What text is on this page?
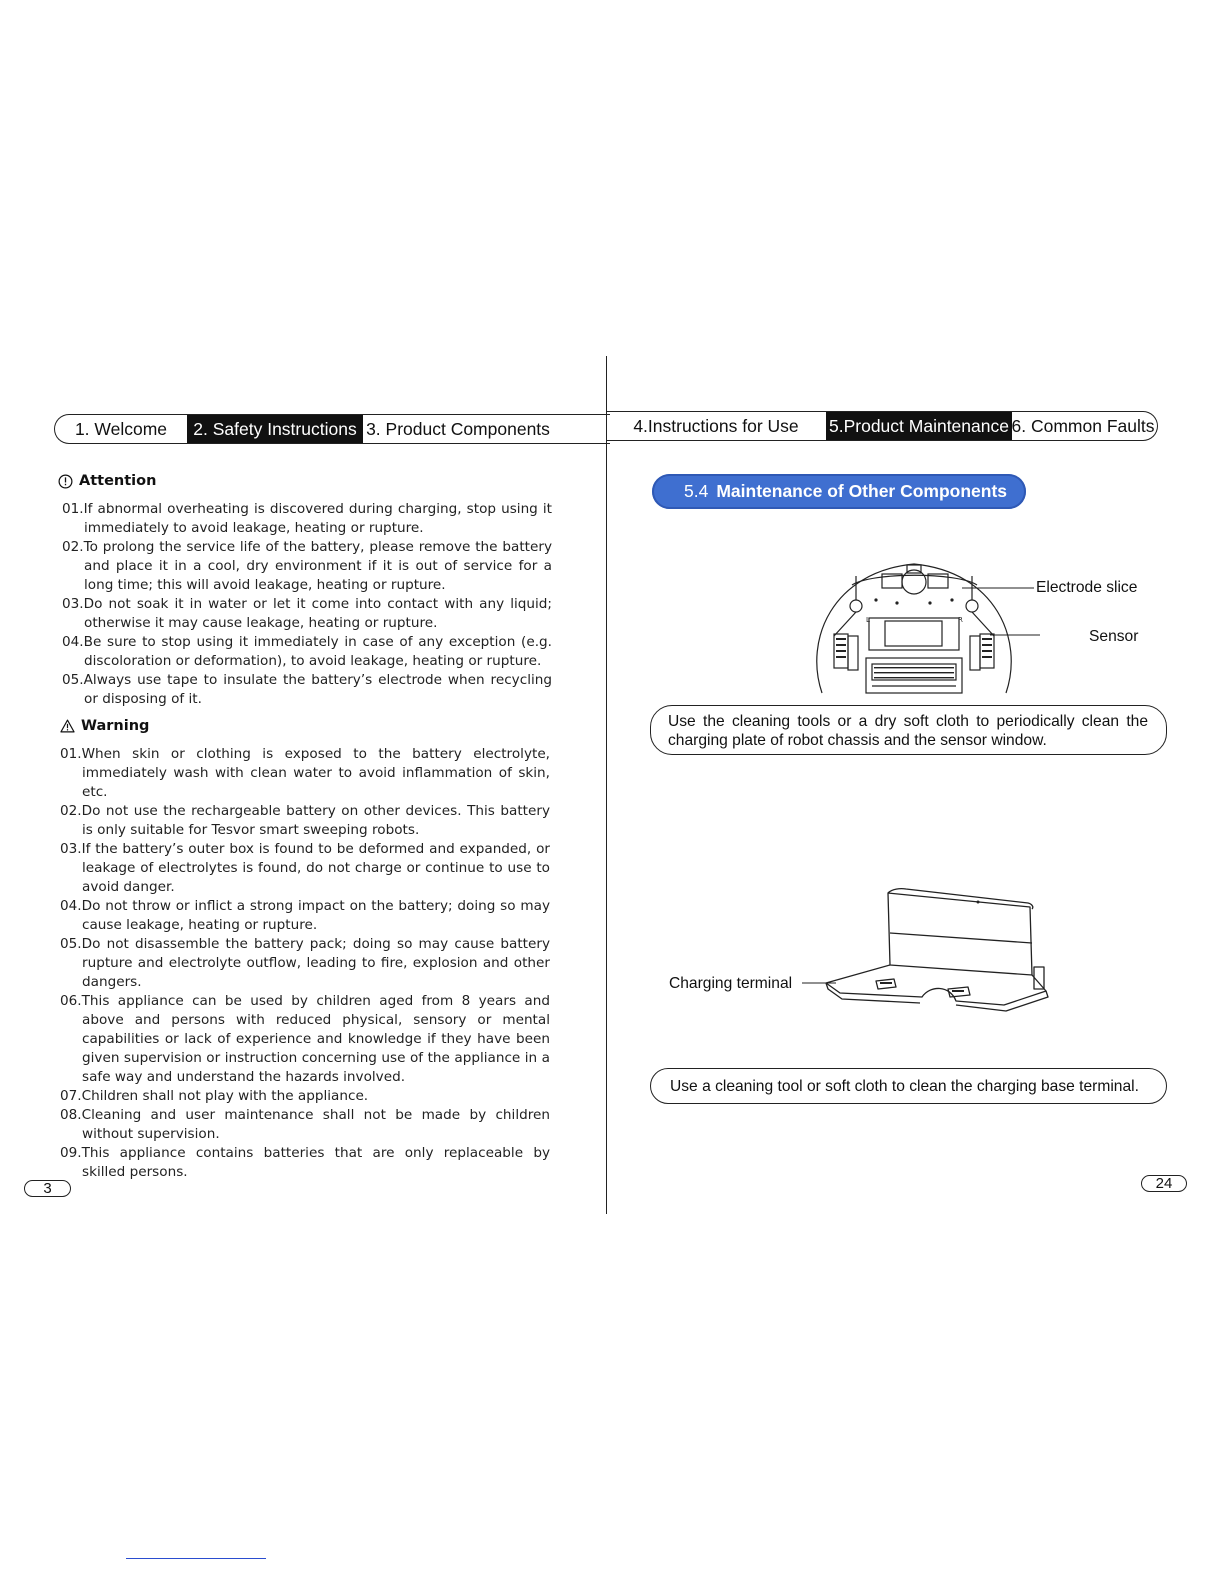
1. Welcome	2. Safety Instructions 3. Product Components	4.Instructions for Use	5.Product Maintenance 6. Common Faults
Attention
01.If abnormal overheating is discovered during charging, stop using it immediately to avoid leakage, heating or rupture.
02.To prolong the service life of the battery, please remove the battery and place it in a cool, dry environment if it is out of service for a long time; this will avoid leakage, heating or rupture.
03.Do not soak it in water or let it come into contact with any liquid; otherwise it may cause leakage, heating or rupture.
04.Be sure to stop using it immediately in case of any exception (e.g. discoloration or deformation), to avoid leakage, heating or rupture.
05.Always use tape to insulate the battery’s electrode when recycling or disposing of it.
Warning
01.When skin or clothing is exposed to the battery electrolyte, immediately wash with clean water to avoid inflammation of skin, etc.
02.Do not use the rechargeable battery on other devices. This battery is only suitable for Tesvor smart sweeping robots.
03.If the battery’s outer box is found to be deformed and expanded, or leakage of electrolytes is found, do not charge or continue to use to avoid danger.
04.Do not throw or inflict a strong impact on the battery; doing so may cause leakage, heating or rupture.
05.Do not disassemble the battery pack; doing so may cause battery rupture and electrolyte outflow, leading to fire, explosion and other dangers.
06.This appliance can be used by children aged from 8 years and above and persons with reduced physical, sensory or mental capabilities or lack of experience and knowledge if they have been given supervision or instruction concerning use of the appliance in a safe way and understand the hazards involved.
07.Children shall not play with the appliance.
08.Cleaning and user maintenance shall not be made by children without supervision.
09.This appliance contains batteries that are only replaceable by skilled persons.
5.4 Maintenance of Other Components
L	R
Electrode slice
Sensor
Use the cleaning tools or a dry soft cloth to periodically clean the charging plate of robot chassis and the sensor window.
Charging terminal
Use a cleaning tool or soft cloth to clean the charging base terminal.
3	24
